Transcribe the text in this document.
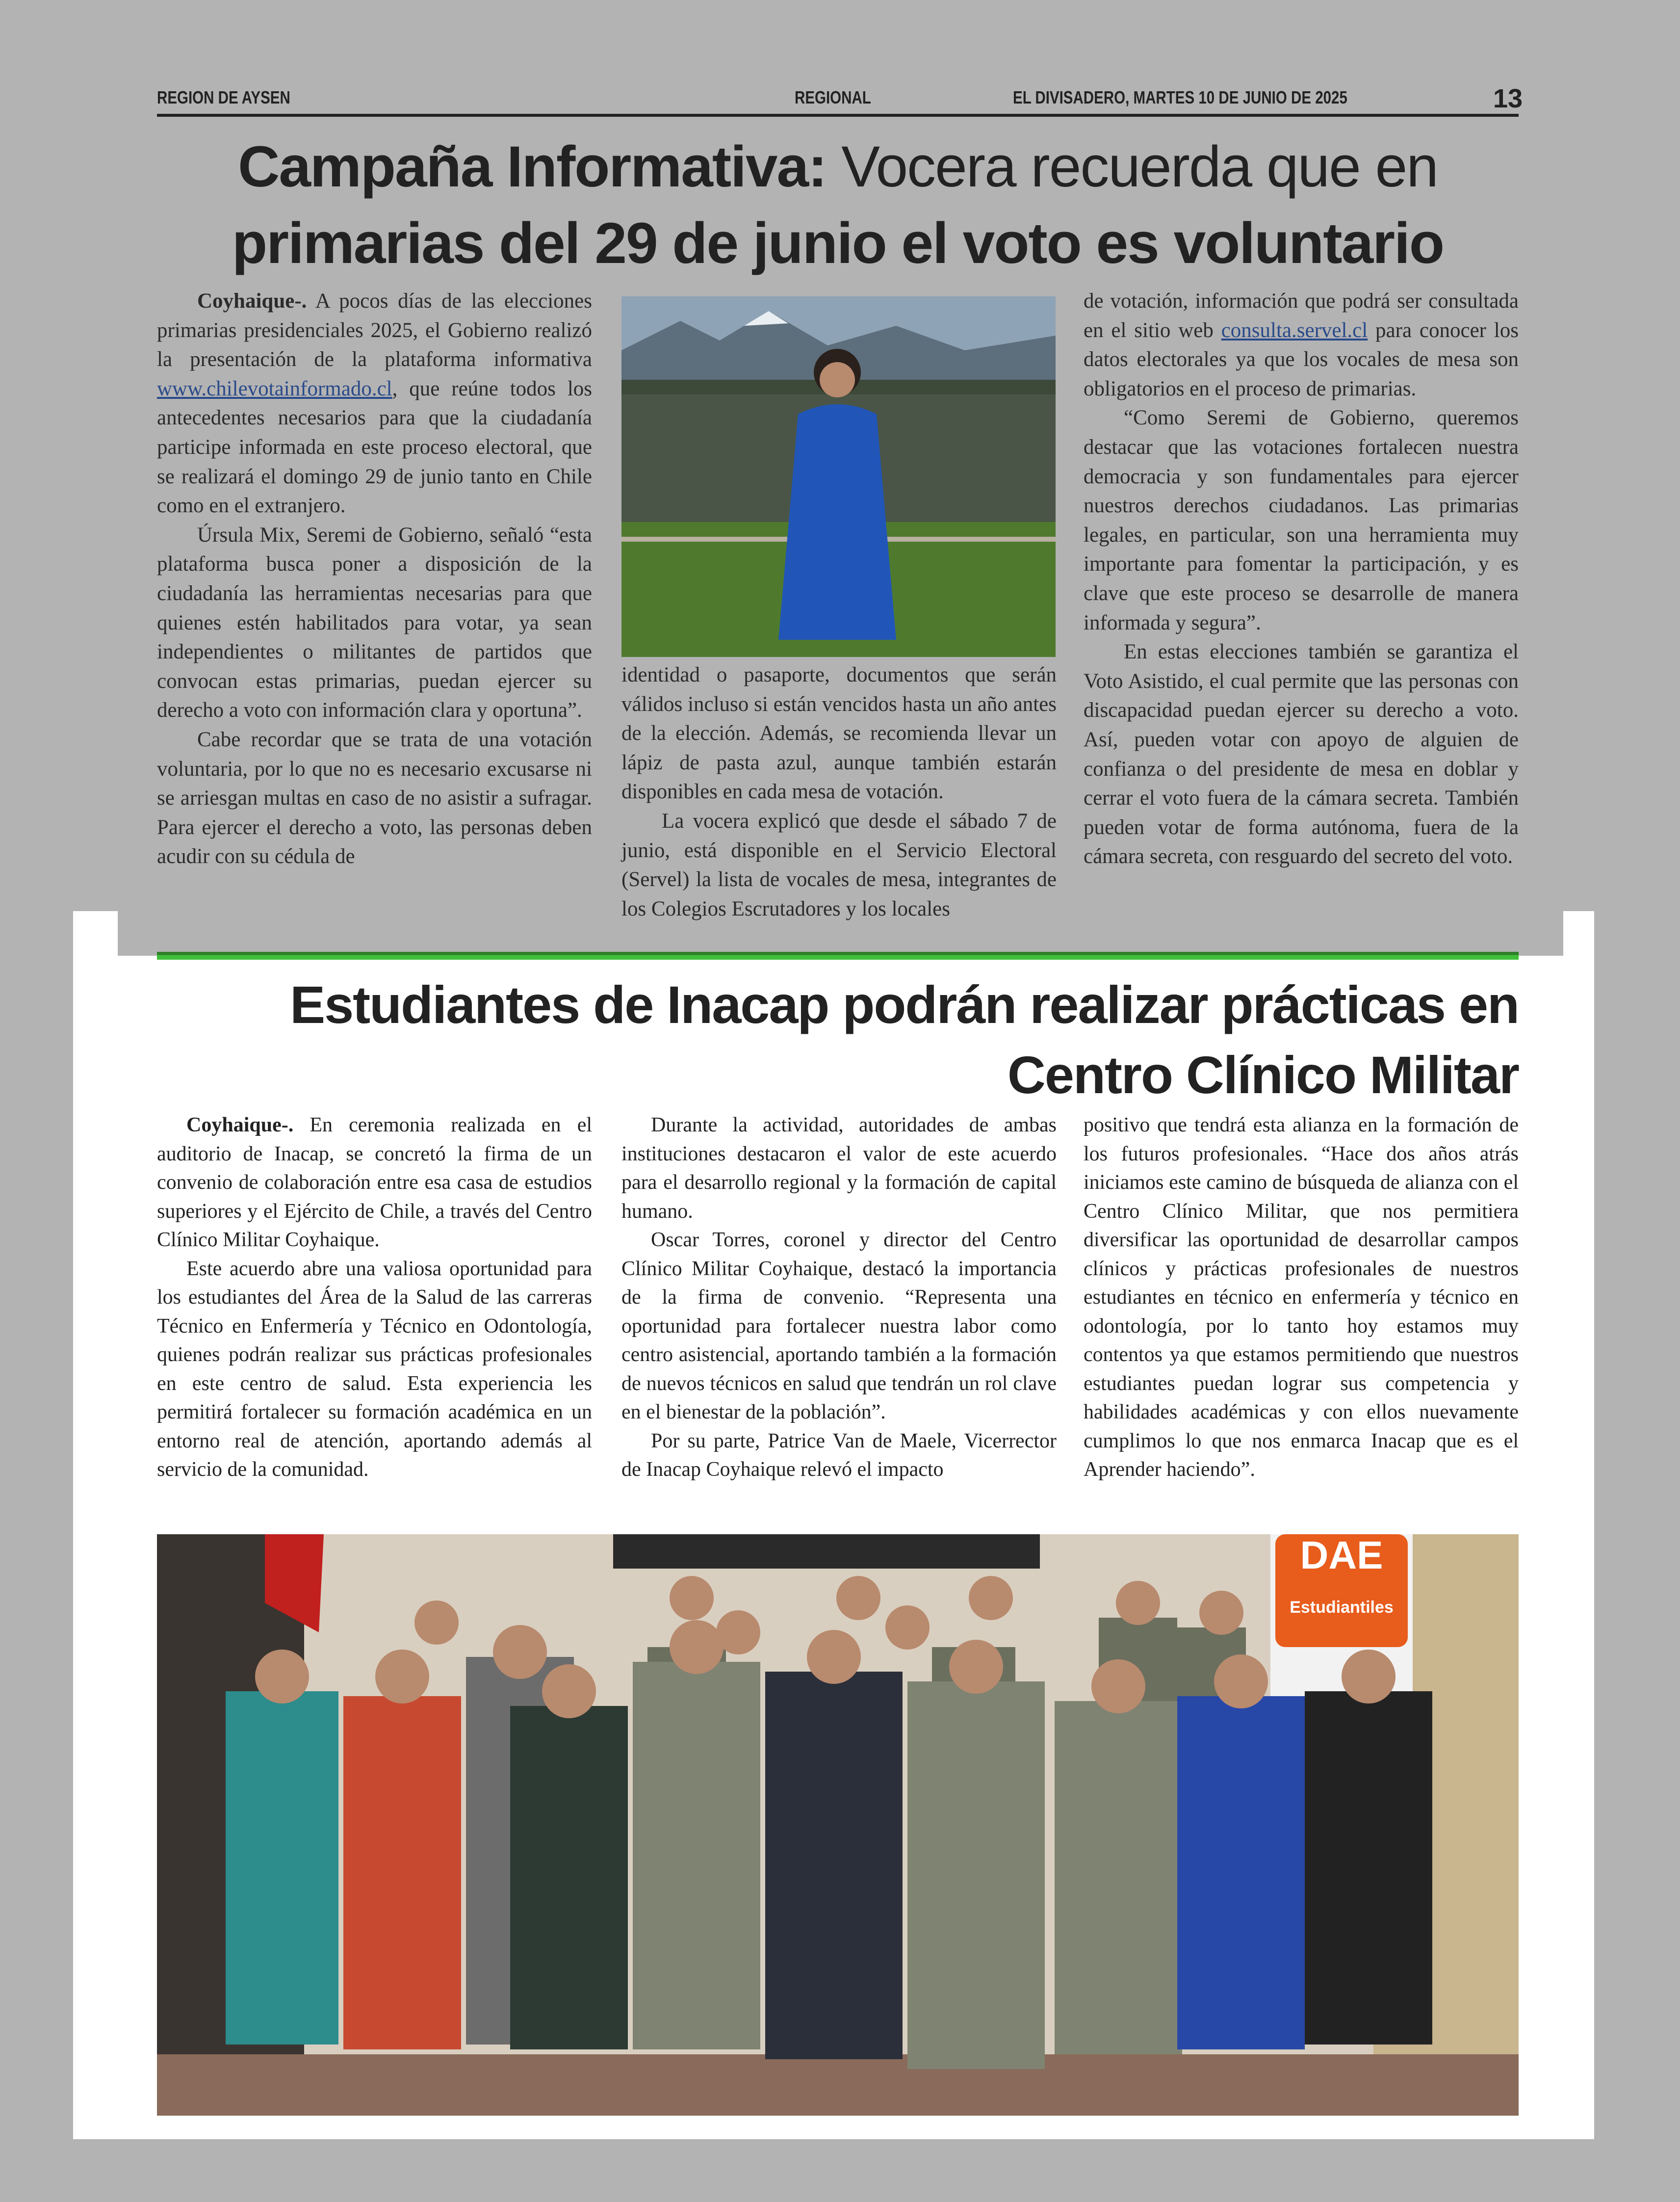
REGION DE AYSEN	REGIONAL	EL DIVISADERO, MARTES 10 DE JUNIO DE 2025	13
Campaña Informativa: Vocera recuerda que en
primarias del 29 de junio el voto es voluntario

Coyhaique-. A pocos días de las elecciones primarias presidenciales 2025, el Gobierno realizó la presentación de la plataforma informativa www.chilevotainformado.cl, que reúne todos los antecedentes necesarios para que la ciudadanía participe informada en este proceso electoral, que se realizará el domingo 29 de junio tanto en Chile como en el extranjero.

Úrsula Mix, Seremi de Gobierno, señaló “esta plataforma busca poner a disposición de la ciudadanía las herramientas necesarias para que quienes estén habilitados para votar, ya sean independientes o militantes de partidos que convocan estas primarias, puedan ejercer su derecho a voto con información clara y oportuna”.

Cabe recordar que se trata de una votación voluntaria, por lo que no es necesario excusarse ni se arriesgan multas en caso de no asistir a sufragar. Para ejercer el derecho a voto, las personas deben acudir con su cédula de

identidad o pasaporte, documentos que serán válidos incluso si están vencidos hasta un año antes de la elección. Además, se recomienda llevar un lápiz de pasta azul, aunque también estarán disponibles en cada mesa de votación.

La vocera explicó que desde el sábado 7 de junio, está disponible en el Servicio Electoral (Servel) la lista de vocales de mesa, integrantes de los Colegios Escrutadores y los locales

de votación, información que podrá ser consultada en el sitio web consulta.servel.cl para conocer los datos electorales ya que los vocales de mesa son obligatorios en el proceso de primarias.

“Como Seremi de Gobierno, queremos destacar que las votaciones fortalecen nuestra democracia y son fundamentales para ejercer nuestros derechos ciudadanos. Las primarias legales, en particular, son una herramienta muy importante para fomentar la participación, y es clave que este proceso se desarrolle de manera informada y segura”.

En estas elecciones también se garantiza el Voto Asistido, el cual permite que las personas con discapacidad puedan ejercer su derecho a voto. Así, pueden votar con apoyo de alguien de confianza o del presidente de mesa en doblar y cerrar el voto fuera de la cámara secreta. También pueden votar de forma autónoma, fuera de la cámara secreta, con resguardo del secreto del voto.

Estudiantes de Inacap podrán realizar prácticas en
Centro Clínico Militar

Coyhaique-. En ceremonia realizada en el auditorio de Inacap, se concretó la firma de un convenio de colaboración entre esa casa de estudios superiores y el Ejército de Chile, a través del Centro Clínico Militar Coyhaique.

Este acuerdo abre una valiosa oportunidad para los estudiantes del Área de la Salud de las carreras Técnico en Enfermería y Técnico en Odontología, quienes podrán realizar sus prácticas profesionales en este centro de salud. Esta experiencia les permitirá fortalecer su formación académica en un entorno real de atención, aportando además al servicio de la comunidad.

Durante la actividad, autoridades de ambas instituciones destacaron el valor de este acuerdo para el desarrollo regional y la formación de capital humano.

Oscar Torres, coronel y director del Centro Clínico Militar Coyhaique, destacó la importancia de la firma de convenio. “Representa una oportunidad para fortalecer nuestra labor como centro asistencial, aportando también a la formación de nuevos técnicos en salud que tendrán un rol clave en el bienestar de la población”.

Por su parte, Patrice Van de Maele, Vicerrector de Inacap Coyhaique relevó el impacto

positivo que tendrá esta alianza en la formación de los futuros profesionales. “Hace dos años atrás iniciamos este camino de búsqueda de alianza con el Centro Clínico Militar, que nos permitiera diversificar las oportunidad de desarrollar campos clínicos y prácticas profesionales de nuestros estudiantes en técnico en enfermería y técnico en odontología, por lo tanto hoy estamos muy contentos ya que estamos permitiendo que nuestros estudiantes puedan lograr sus competencia y habilidades académicas y con ellos nuevamente cumplimos lo que nos enmarca Inacap que es el Aprender haciendo”.

DAE
Estudiantiles
